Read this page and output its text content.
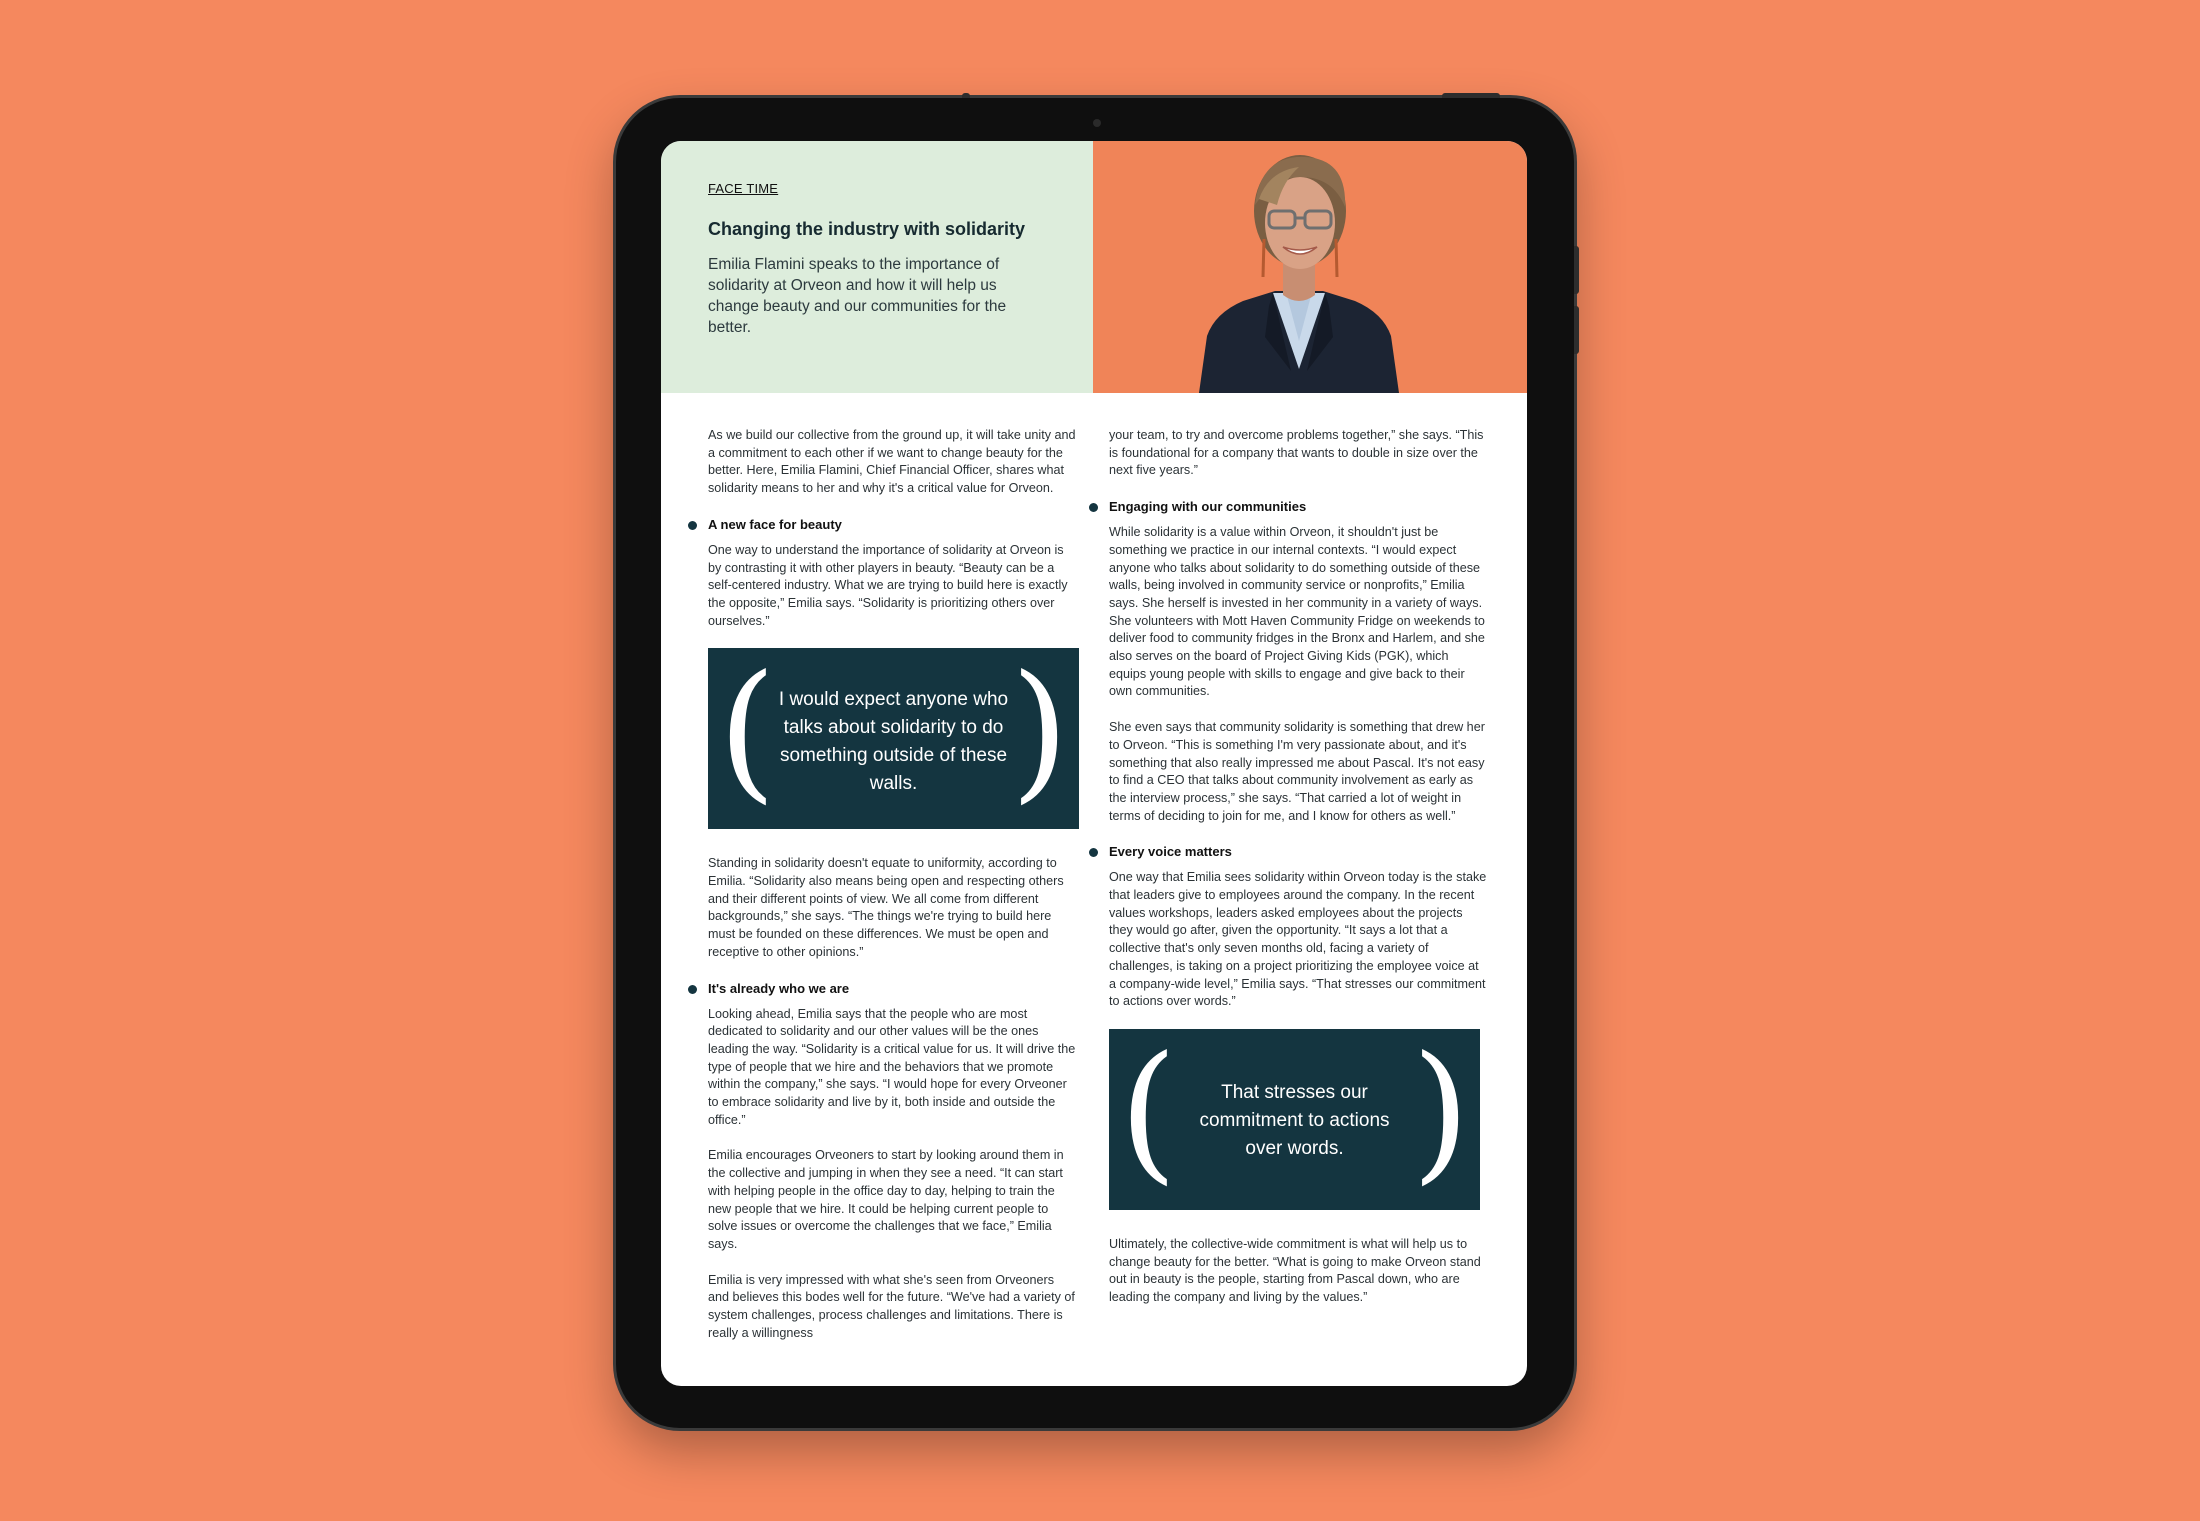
FACE TIME
Changing the industry with solidarity
Emilia Flamini speaks to the importance of solidarity at Orveon and how it will help us change beauty and our communities for the better.

As we build our collective from the ground up, it will take unity and a commitment to each other if we want to change beauty for the better. Here, Emilia Flamini, Chief Financial Officer, shares what solidarity means to her and why it's a critical value for Orveon.

A new face for beauty

One way to understand the importance of solidarity at Orveon is by contrasting it with other players in beauty. “Beauty can be a self-centered industry. What we are trying to build here is exactly the opposite,” Emilia says. “Solidarity is prioritizing others over ourselves.”

( I would expect anyone who talks about solidarity to do something outside of these walls. )

Standing in solidarity doesn't equate to uniformity, according to Emilia. “Solidarity also means being open and respecting others and their different points of view. We all come from different backgrounds,” she says. “The things we're trying to build here must be founded on these differences. We must be open and receptive to other opinions.”

It's already who we are

Looking ahead, Emilia says that the people who are most dedicated to solidarity and our other values will be the ones leading the way. “Solidarity is a critical value for us. It will drive the type of people that we hire and the behaviors that we promote within the company,” she says. “I would hope for every Orveoner to embrace solidarity and live by it, both inside and outside the office.”

Emilia encourages Orveoners to start by looking around them in the collective and jumping in when they see a need. “It can start with helping people in the office day to day, helping to train the new people that we hire. It could be helping current people to solve issues or overcome the challenges that we face,” Emilia says.

Emilia is very impressed with what she's seen from Orveoners and believes this bodes well for the future. “We've had a variety of system challenges, process challenges and limitations. There is really a willingness

your team, to try and overcome problems together,” she says. “This is foundational for a company that wants to double in size over the next five years.”

Engaging with our communities

While solidarity is a value within Orveon, it shouldn't just be something we practice in our internal contexts. “I would expect anyone who talks about solidarity to do something outside of these walls, being involved in community service or nonprofits,” Emilia says. She herself is invested in her community in a variety of ways. She volunteers with Mott Haven Community Fridge on weekends to deliver food to community fridges in the Bronx and Harlem, and she also serves on the board of Project Giving Kids (PGK), which equips young people with skills to engage and give back to their own communities.

She even says that community solidarity is something that drew her to Orveon. “This is something I'm very passionate about, and it's something that also really impressed me about Pascal. It's not easy to find a CEO that talks about community involvement as early as the interview process,” she says. “That carried a lot of weight in terms of deciding to join for me, and I know for others as well.”

Every voice matters

One way that Emilia sees solidarity within Orveon today is the stake that leaders give to employees around the company. In the recent values workshops, leaders asked employees about the projects they would go after, given the opportunity. “It says a lot that a collective that's only seven months old, facing a variety of challenges, is taking on a project prioritizing the employee voice at a company-wide level,” Emilia says. “That stresses our commitment to actions over words.”

(	That stresses our commitment to actions over words. )

Ultimately, the collective-wide commitment is what will help us to change beauty for the better. “What is going to make Orveon stand out in beauty is the people, starting from Pascal down, who are leading the company and living by the values.”
